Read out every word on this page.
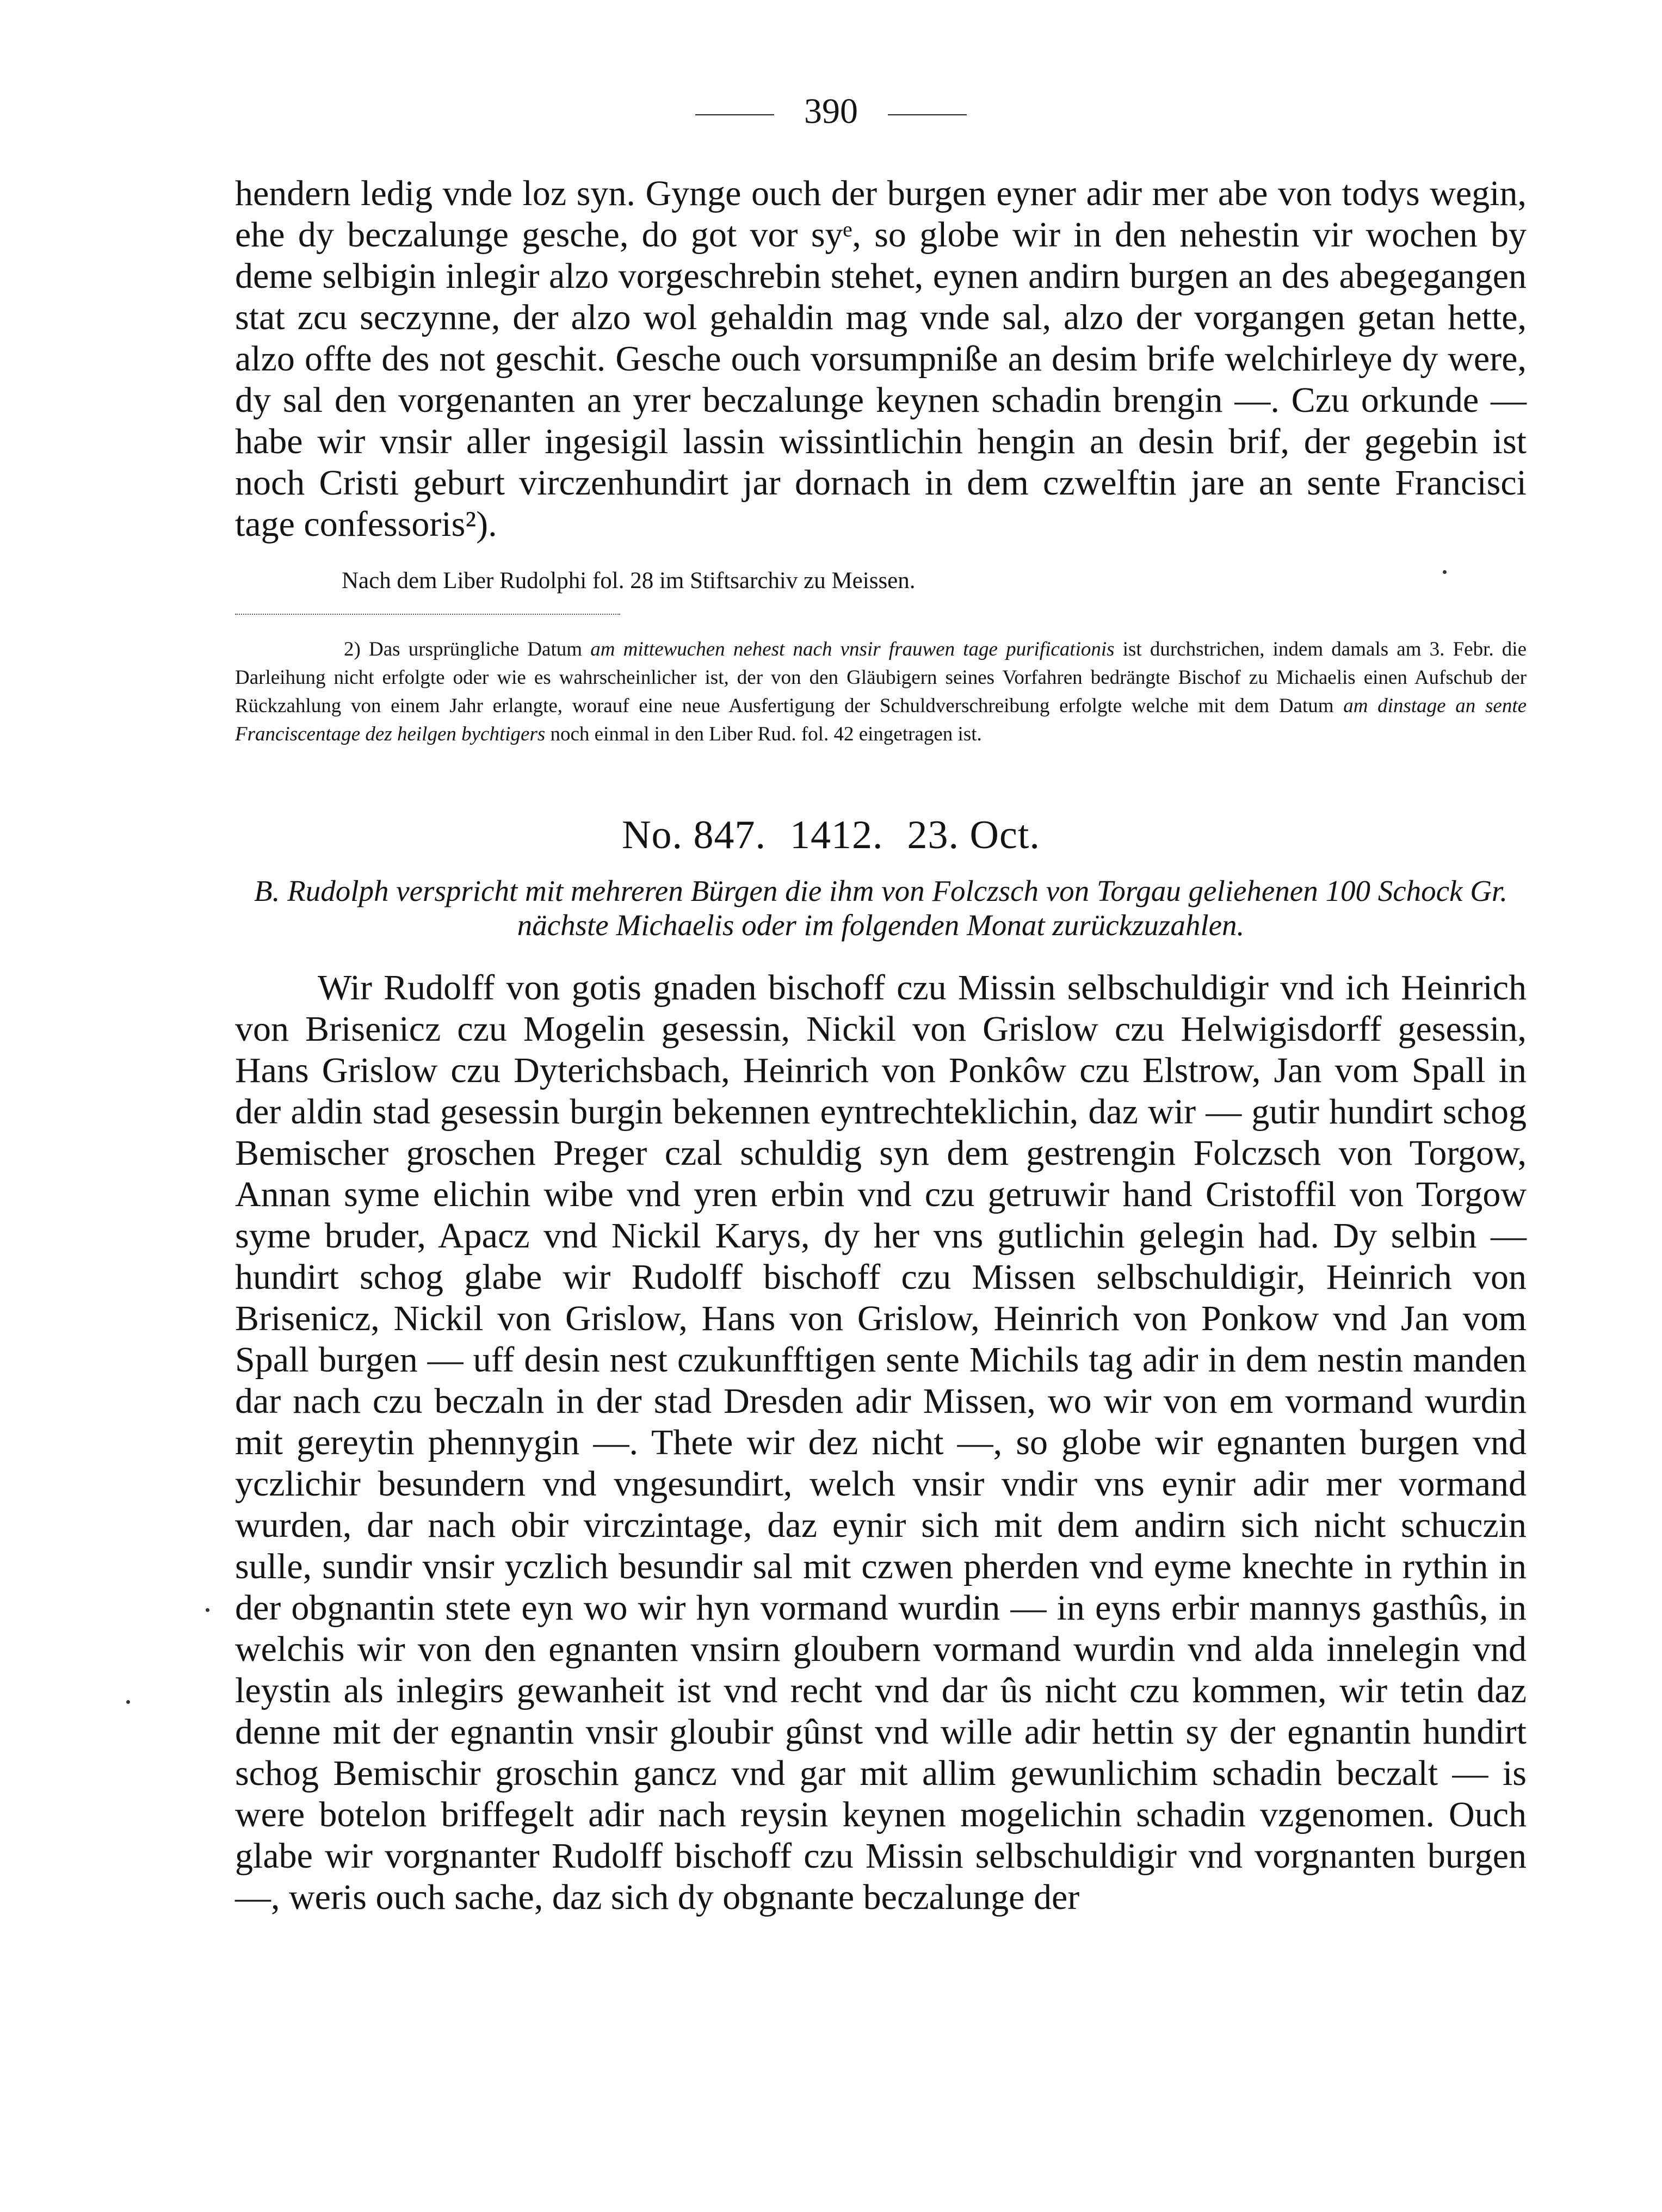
390

hendern ledig vnde loz syn. Gynge ouch der burgen eyner adir mer abe von todys wegin, ehe dy beczalunge gesche, do got vor syᵉ, so globe wir in den nehestin vir wochen by deme selbigin inlegir alzo vorgeschrebin stehet, eynen andirn burgen an des abegegangen stat zcu seczynne, der alzo wol gehaldin mag vnde sal, alzo der vorgangen getan hette, alzo offte des not geschit. Gesche ouch vorsumpniße an desim brife welchirleye dy were, dy sal den vorgenanten an yrer beczalunge keynen schadin brengin —. Czu orkunde — habe wir vnsir aller ingesigil lassin wissintlichin hengin an desin brif, der gegebin ist noch Cristi geburt virczenhundirt jar dornach in dem czwelftin jare an sente Francisci tage confessoris²).

Nach dem Liber Rudolphi fol. 28 im Stiftsarchiv zu Meissen.

2) Das ursprüngliche Datum am mittewuchen nehest nach vnsir frauwen tage purificationis ist durchstrichen, indem damals am 3. Febr. die Darleihung nicht erfolgte oder wie es wahrscheinlicher ist, der von den Gläubigern seines Vorfahren bedrängte Bischof zu Michaelis einen Aufschub der Rückzahlung von einem Jahr erlangte, worauf eine neue Ausfertigung der Schuldverschreibung erfolgte welche mit dem Datum am dinstage an sente Franciscentage dez heilgen bychtigers noch einmal in den Liber Rud. fol. 42 eingetragen ist.

No. 847. 1412. 23. Oct.

B. Rudolph verspricht mit mehreren Bürgen die ihm von Folczsch von Torgau geliehenen 100 Schock Gr. nächste Michaelis oder im folgenden Monat zurückzuzahlen.

Wir Rudolff von gotis gnaden bischoff czu Missin selbschuldigir vnd ich Heinrich von Brisenicz czu Mogelin gesessin, Nickil von Grislow czu Helwigisdorff gesessin, Hans Grislow czu Dyterichsbach, Heinrich von Ponkôw czu Elstrow, Jan vom Spall in der aldin stad gesessin burgin bekennen eyntrechteklichin, daz wir — gutir hundirt schog Bemischer groschen Preger czal schuldig syn dem gestrengin Folczsch von Torgow, Annan syme elichin wibe vnd yren erbin vnd czu getruwir hand Cristoffil von Torgow syme bruder, Apacz vnd Nickil Karys, dy her vns gutlichin gelegin had. Dy selbin — hundirt schog glabe wir Rudolff bischoff czu Missen selbschuldigir, Heinrich von Brisenicz, Nickil von Grislow, Hans von Grislow, Heinrich von Ponkow vnd Jan vom Spall burgen — uff desin nest czukunfftigen sente Michils tag adir in dem nestin manden dar nach czu beczaln in der stad Dresden adir Missen, wo wir von em vormand wurdin mit gereytin phennygin —. Thete wir dez nicht —, so globe wir egnanten burgen vnd yczlichir besundern vnd vngesundirt, welch vnsir vndir vns eynir adir mer vormand wurden, dar nach obir virczintage, daz eynir sich mit dem andirn sich nicht schuczin sulle, sundir vnsir yczlich besundir sal mit czwen pherden vnd eyme knechte in rythin in der obgnantin stete eyn wo wir hyn vormand wurdin — in eyns erbir mannys gasthûs, in welchis wir von den egnanten vnsirn gloubern vormand wurdin vnd alda innelegin vnd leystin als inlegirs gewanheit ist vnd recht vnd dar ûs nicht czu kommen, wir tetin daz denne mit der egnantin vnsir gloubir gûnst vnd wille adir hettin sy der egnantin hundirt schog Bemischir groschin gancz vnd gar mit allim gewunlichim schadin beczalt — is were botelon briffegelt adir nach reysin keynen mogelichin schadin vzgenomen. Ouch glabe wir vorgnanter Rudolff bischoff czu Missin selbschuldigir vnd vorgnanten burgen —, weris ouch sache, daz sich dy obgnante beczalunge der
